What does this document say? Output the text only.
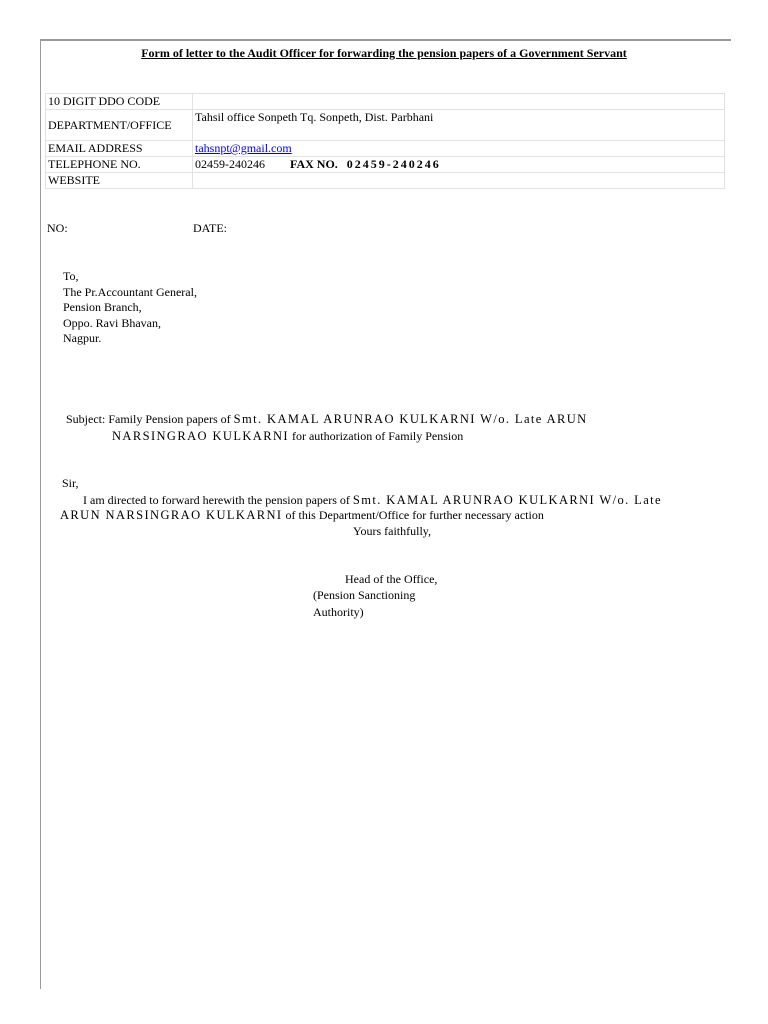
Form of letter to the Audit Officer for forwarding the pension papers of a Government Servant
10 DIGIT DDO CODE	
DEPARTMENT/OFFICE	Tahsil office Sonpeth Tq. Sonpeth, Dist. Parbhani
EMAIL ADDRESS	tahsnpt@gmail.com
TELEPHONE NO.	02459-240246 FAX NO. 02459-240246
WEBSITE	
NO:	DATE:
To,
The Pr.Accountant General,
Pension Branch,
Oppo. Ravi Bhavan,
Nagpur.
Subject: Family Pension papers of Smt. KAMAL ARUNRAO KULKARNI W/o. Late ARUN
NARSINGRAO KULKARNI for authorization of Family Pension
Sir,
I am directed to forward herewith the pension papers of Smt. KAMAL ARUNRAO KULKARNI W/o. Late
ARUN NARSINGRAO KULKARNI of this Department/Office for further necessary action
Yours faithfully,
Head of the Office,
(Pension Sanctioning
Authority)
